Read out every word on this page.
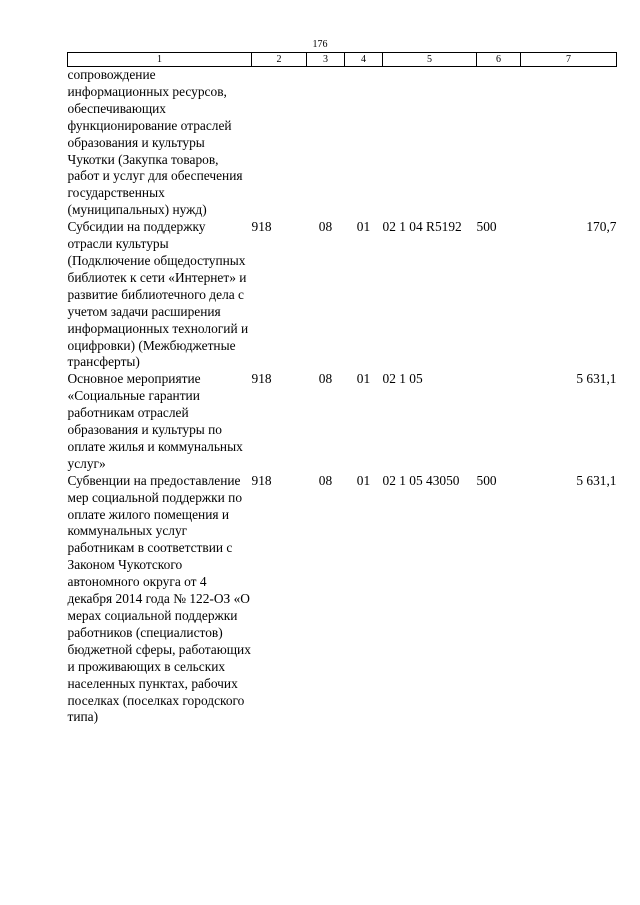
176
1	2	3	4	5	6	7
сопровождение информационных ресурсов, обеспечивающих функционирование отраслей образования и культуры Чукотки (Закупка товаров, работ и услуг для обеспечения государственных (муниципальных) нужд)						
Субсидии на поддержку отрасли культуры (Подключение общедоступных библиотек к сети «Интернет» и развитие библиотечного дела с учетом задачи расширения информационных технологий и оцифровки) (Межбюджетные трансферты)	918	08	01	02 1 04 R5192	500	170,7
Основное мероприятие «Социальные гарантии работникам отраслей образования и культуры по оплате жилья и коммунальных услуг»	918	08	01	02 1 05		5 631,1
Субвенции на предоставление мер социальной поддержки по оплате жилого помещения и коммунальных услуг работникам в соответствии с Законом Чукотского автономного округа от 4 декабря 2014 года № 122-ОЗ «О мерах социальной поддержки работников (специалистов) бюджетной сферы, работающих и проживающих в сельских населенных пунктах, рабочих поселках (поселках городского типа)	918	08	01	02 1 05 43050	500	5 631,1
